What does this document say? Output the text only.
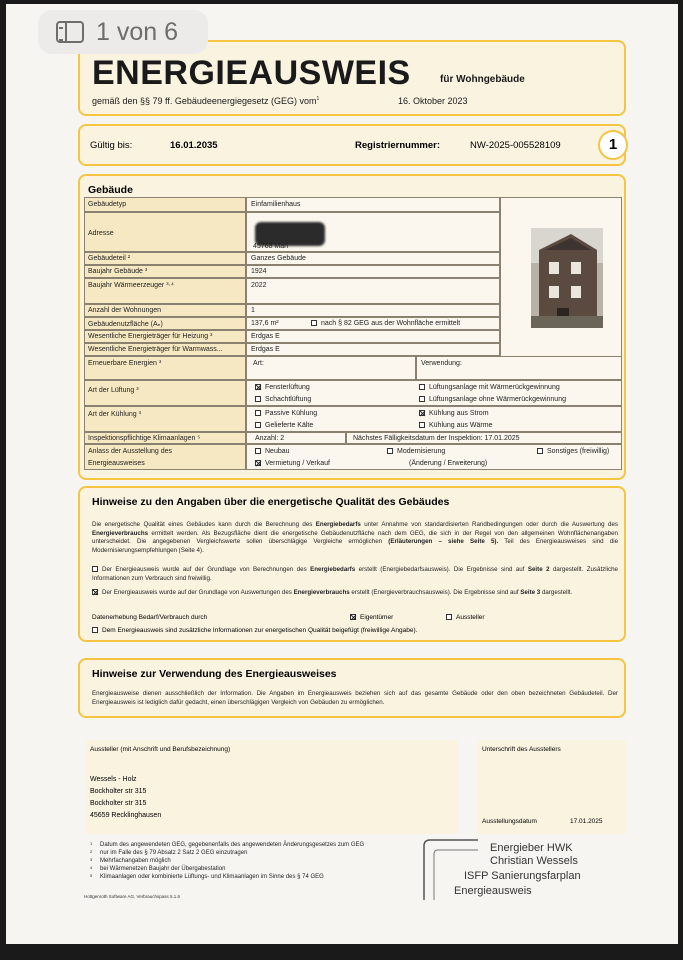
1 von 6
ENERGIEAUSWEIS	für Wohngebäude
gemäß den §§ 79 ff. Gebäudeenergiegesetz (GEG) vom$^1$	16. Oktober 2023
Gültig bis:	16.01.2035	Registriernummer:	NW-2025-005528109	1
Gebäude
Gebäudetyp	Einfamilienhaus
Adresse
45768 Marl
Gebäudeteil ²	Ganzes Gebäude
Baujahr Gebäude ³	1924
Baujahr Wärmeerzeuger ³·⁴	2022
Anzahl der Wohnungen	1
Gebäudenutzfläche (Aₙ)	137,6 m²	nach § 82 GEG aus der Wohnfläche ermittelt
Wesentliche Energieträger für Heizung ³	Erdgas E
Wesentliche Energieträger für Warmwass...	Erdgas E
Erneuerbare Energien ³	Art:	Verwendung:
Art der Lüftung ³	Fensterlüftung	Lüftungsanlage mit Wärmerückgewinnung
Schachtlüftung	Lüftungsanlage ohne Wärmerückgewinnung
Art der Kühlung ³	Passive Kühlung	Kühlung aus Strom
Gelieferte Kälte	Kühlung aus Wärme
Inspektionspflichtige Klimaanlagen ⁵	Anzahl: 2	Nächstes Fälligkeitsdatum der Inspektion: 17.01.2025
Anlass der Ausstellung des
Energieausweises
Neubau	Modernisierung	Sonstiges (freiwillig)
Vermietung / Verkauf	(Änderung / Erweiterung)
Hinweise zu den Angaben über die energetische Qualität des Gebäudes
Die energetische Qualität eines Gebäudes kann durch die Berechnung des Energiebedarfs unter Annahme von standardisierten Randbedingungen oder durch die Auswertung des Energieverbrauchs ermittelt werden. Als Bezugsfläche dient die energetische Gebäudenutzfläche nach dem GEG, die sich in der Regel von den allgemeinen Wohnflächenangaben unterscheidet. Die angegebenen Vergleichswerte sollen überschlägige Vergleiche ermöglichen (Erläuterungen – siehe Seite 5). Teil des Energieausweises sind die Modernisierungsempfehlungen (Seite 4).
Der Energieausweis wurde auf der Grundlage von Berechnungen des Energiebedarfs erstellt (Energiebedarfsausweis). Die Ergebnisse sind auf Seite 2 dargestellt. Zusätzliche Informationen zum Verbrauch sind freiwillig.
Der Energieausweis wurde auf der Grundlage von Auswertungen des Energieverbrauchs erstellt (Energieverbrauchsausweis). Die Ergebnisse sind auf Seite 3 dargestellt.
Datenerhebung Bedarf/Verbrauch durch	Eigentümer	Aussteller
Dem Energieausweis sind zusätzliche Informationen zur energetischen Qualität beigefügt (freiwillige Angabe).
Hinweise zur Verwendung des Energieausweises
Energieausweise dienen ausschließlich der Information. Die Angaben im Energieausweis beziehen sich auf das gesamte Gebäude oder den oben bezeichneten Gebäudeteil. Der Energieausweis ist lediglich dafür gedacht, einen überschlägigen Vergleich von Gebäuden zu ermöglichen.
Aussteller (mit Anschrift und Berufsbezeichnung)
Wessels - Holz
Bockholter str 315
Bockholter str 315
45659 Recklinghausen
Unterschrift des Ausstellers
Ausstellungsdatum	17.01.2025
1 Datum des angewendeten GEG, gegebenenfalls des angewendeten Änderungsgesetzes zum GEG
2 nur im Falle des § 79 Absatz 2 Satz 2 GEG einzutragen
3 Mehrfachangaben möglich
4 bei Wärmenetzen Baujahr der Übergabestation
5 Klimaanlagen oder kombinierte Lüftungs- und Klimaanlagen im Sinne des § 74 GEG
Energieber HWK
Christian Wessels
ISFP Sanierungsfarplan
Energieausweis
Hottgenroth Software AG, Verbrauchspass 5.1.6
